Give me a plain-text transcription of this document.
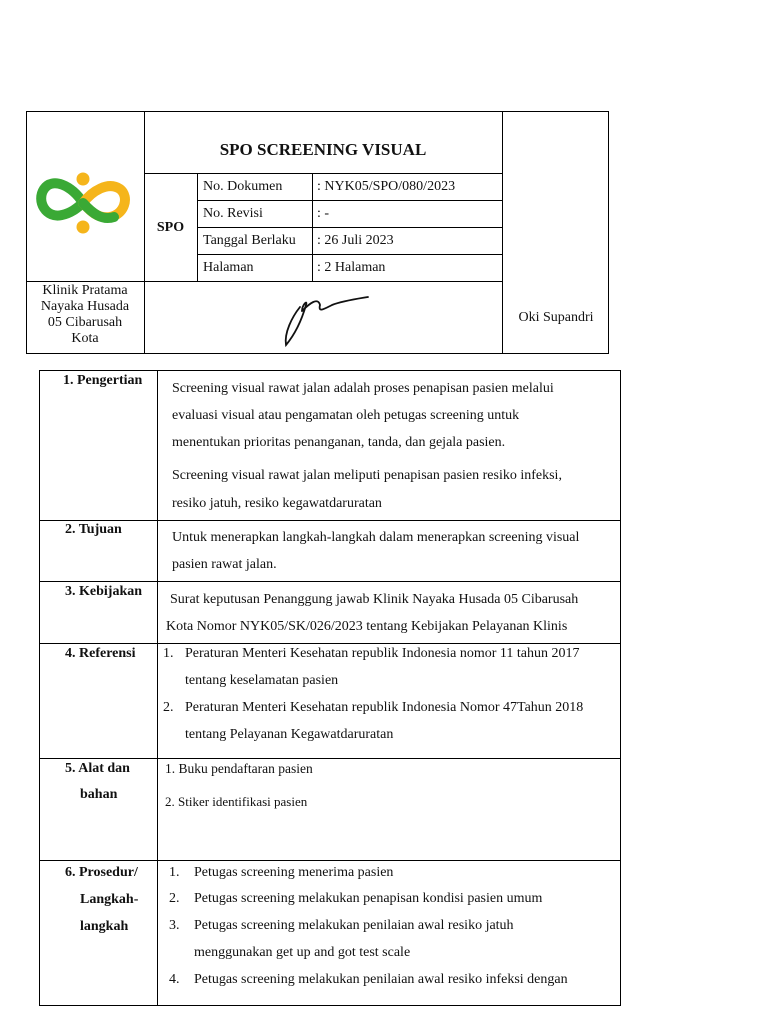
Klinik Pratama
Nayaka Husada
05 Cibarusah
Kota
SPO SCREENING VISUAL
SPO
No. Dokumen : NYK05/SPO/080/2023
No. Revisi	: -
Tanggal Berlaku : 26 Juli 2023
Halaman	: 2 Halaman
Oki Supandri
1. Pengertian
Screening visual rawat jalan adalah proses penapisan pasien melalui
evaluasi visual atau pengamatan oleh petugas screening untuk
menentukan prioritas penanganan, tanda, dan gejala pasien.
Screening visual rawat jalan meliputi penapisan pasien resiko infeksi,
resiko jatuh, resiko kegawatdaruratan
2. Tujuan
Untuk menerapkan langkah-langkah dalam menerapkan screening visual
pasien rawat jalan.
3. Kebijakan
Surat keputusan Penanggung jawab Klinik Nayaka Husada 05 Cibarusah
Kota Nomor NYK05/SK/026/2023 tentang Kebijakan Pelayanan Klinis
4. Referensi 1. Peraturan Menteri Kesehatan republik Indonesia nomor 11 tahun 2017
tentang keselamatan pasien
2. Peraturan Menteri Kesehatan republik Indonesia Nomor 47Tahun 2018
tentang Pelayanan Kegawatdaruratan
5. Alat dan
bahan
1. Buku pendaftaran pasien
2. Stiker identifikasi pasien
6. Prosedur/
Langkah-
langkah
1. Petugas screening menerima pasien
2. Petugas screening melakukan penapisan kondisi pasien umum
3. Petugas screening melakukan penilaian awal resiko jatuh
menggunakan get up and got test scale
4. Petugas screening melakukan penilaian awal resiko infeksi dengan
